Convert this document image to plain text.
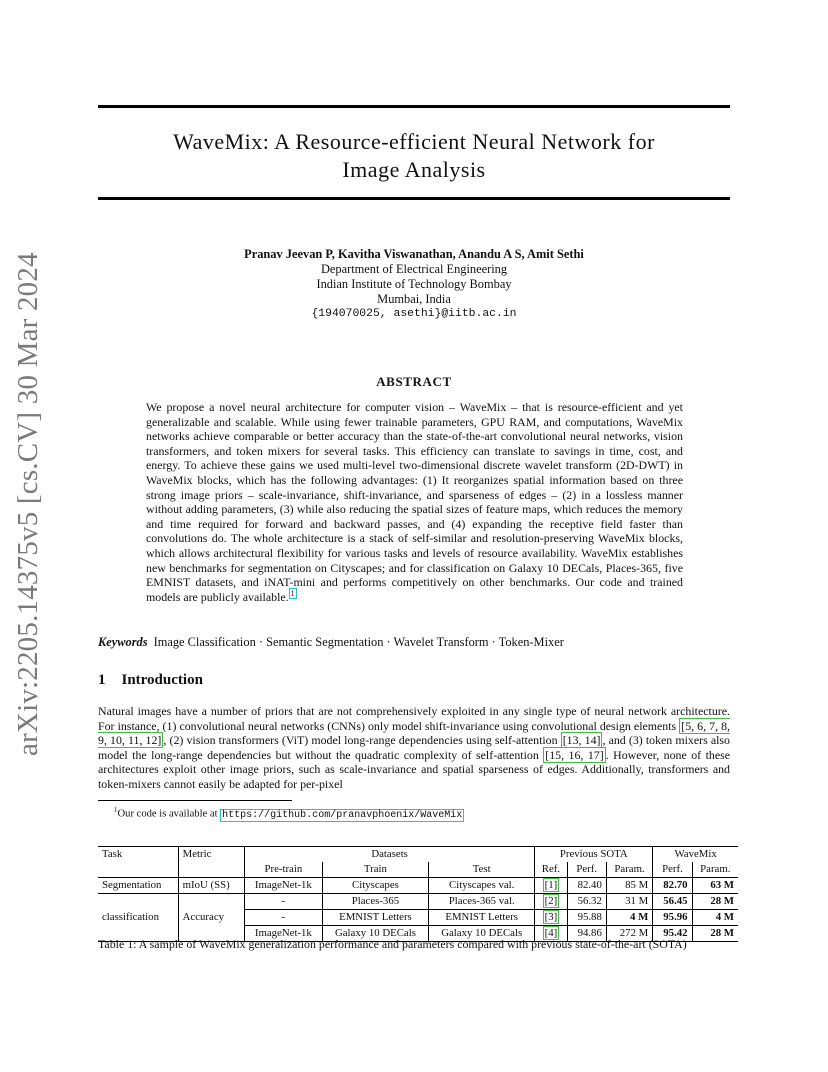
arXiv:2205.14375v5 [cs.CV] 30 Mar 2024
WaveMix: A Resource-efficient Neural Network for
Image Analysis
Pranav Jeevan P, Kavitha Viswanathan, Anandu A S, Amit Sethi
Department of Electrical Engineering
Indian Institute of Technology Bombay
Mumbai, India
{194070025, asethi}@iitb.ac.in
ABSTRACT
We propose a novel neural architecture for computer vision – WaveMix – that is resource-efficient and yet generalizable and scalable. While using fewer trainable parameters, GPU RAM, and computations, WaveMix networks achieve comparable or better accuracy than the state-of-the-art convolutional neural networks, vision transformers, and token mixers for several tasks. This efficiency can translate to savings in time, cost, and energy. To achieve these gains we used multi-level two-dimensional discrete wavelet transform (2D-DWT) in WaveMix blocks, which has the following advantages: (1) It reorganizes spatial information based on three strong image priors – scale-invariance, shift-invariance, and sparseness of edges – (2) in a lossless manner without adding parameters, (3) while also reducing the spatial sizes of feature maps, which reduces the memory and time required for forward and backward passes, and (4) expanding the receptive field faster than convolutions do. The whole architecture is a stack of self-similar and resolution-preserving WaveMix blocks, which allows architectural flexibility for various tasks and levels of resource availability. WaveMix establishes new benchmarks for segmentation on Cityscapes; and for classification on Galaxy 10 DECals, Places-365, five EMNIST datasets, and iNAT-mini and performs competitively on other benchmarks. Our code and trained models are publicly available. $^1$
Keywords Image Classification · Semantic Segmentation · Wavelet Transform · Token-Mixer
1 Introduction
Natural images have a number of priors that are not comprehensively exploited in any single type of neural network architecture. For instance, (1) convolutional neural networks (CNNs) only model shift-invariance using convolutional design elements [5, 6, 7, 8, 9, 10, 11, 12] , (2) vision transformers (ViT) model long-range dependencies using self-attention [13, 14] , and (3) token mixers also model the long-range dependencies but without the quadratic complexity of self-attention [15, 16, 17] . However, none of these architectures exploit other image priors, such as scale-invariance and spatial sparseness of edges. Additionally, transformers and token-mixers cannot easily be adapted for per-pixel
$^1$Our code is available at https://github.com/pranavphoenix/WaveMix
Task	Metric	Datasets			Previous SOTA			WaveMix	
		Pre-train	Train	Test	Ref.	Perf.	Param.	Perf.	Param.
Segmentation	mIoU (SS)	ImageNet-1k	Cityscapes	Cityscapes val.	[1]	82.40	85 M	82.70	63 M
		-	Places-365	Places-365 val.	[2]	56.32	31 M	56.45	28 M
classification	Accuracy	-	EMNIST Letters	EMNIST Letters	[3]	95.88	4 M	95.96	4 M
		ImageNet-1k	Galaxy 10 DECals	Galaxy 10 DECals	[4]	94.86	272 M	95.42	28 M
Table 1: A sample of WaveMix generalization performance and parameters compared with previous state-of-the-art (SOTA)
